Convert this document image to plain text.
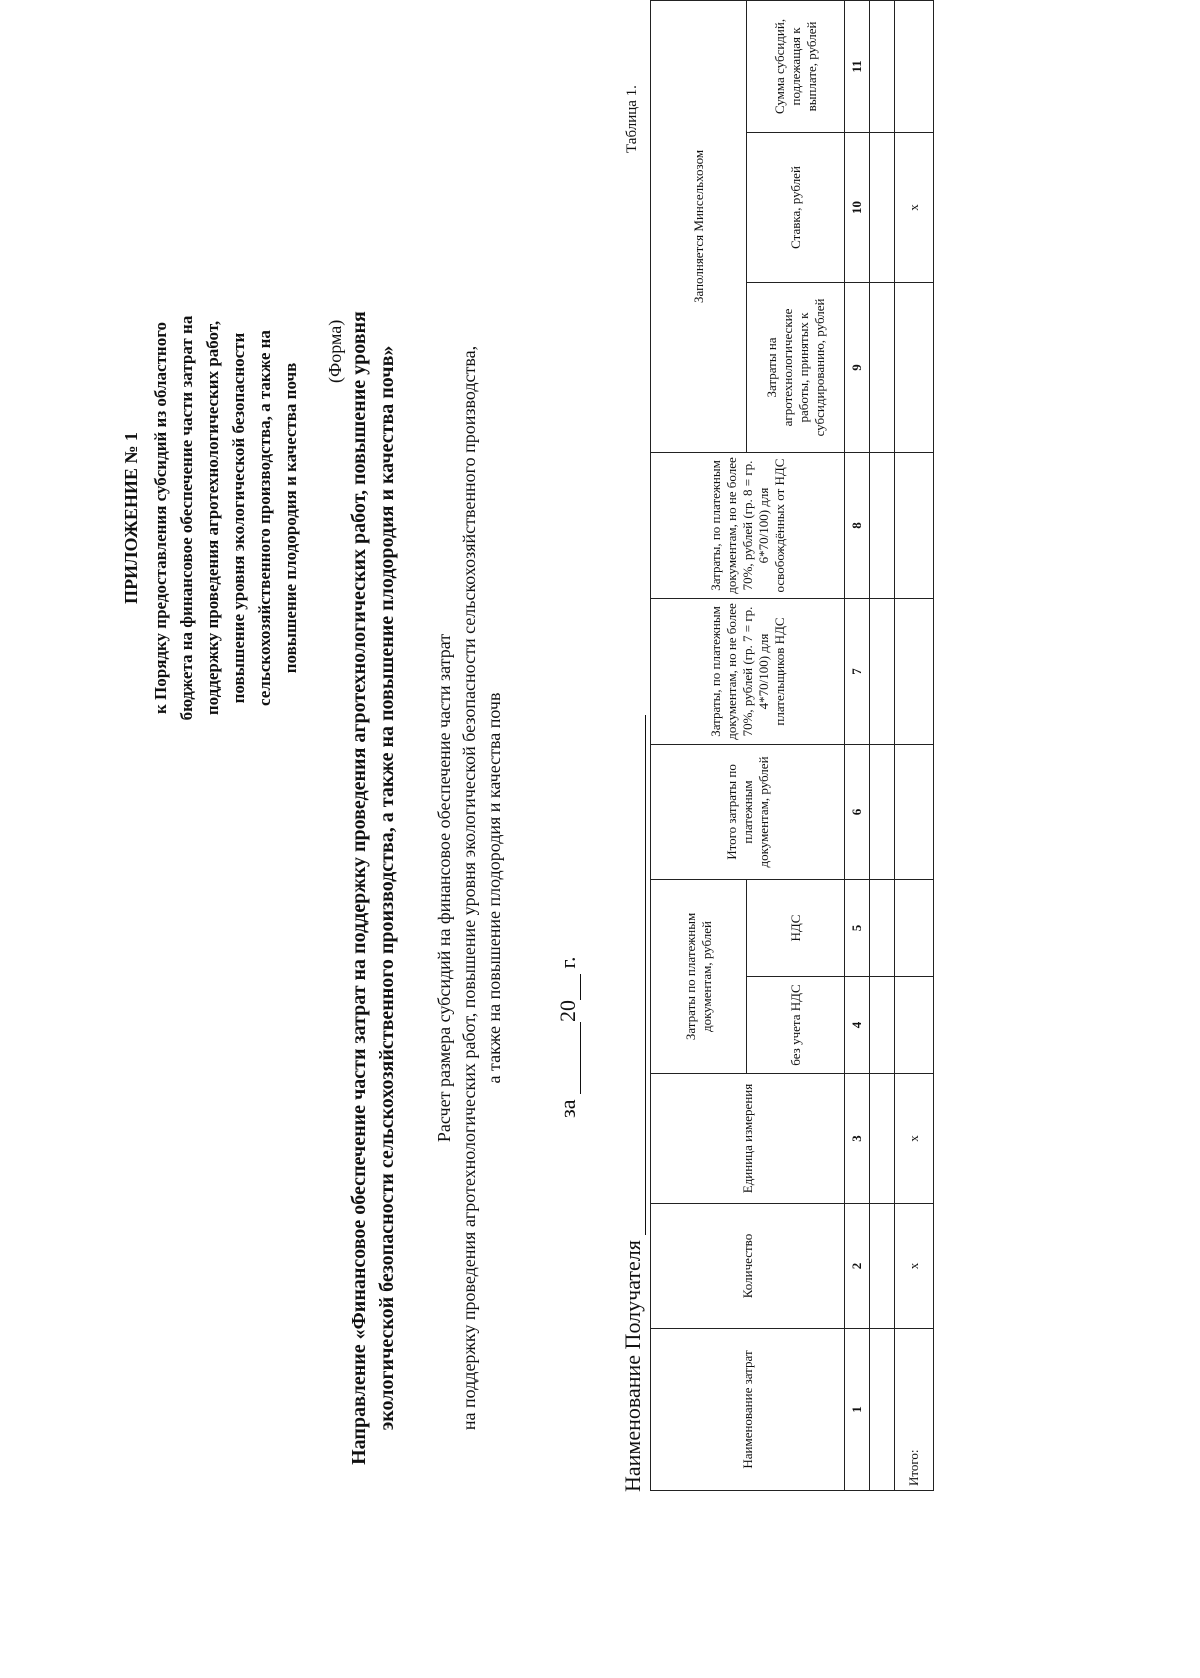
ПРИЛОЖЕНИЕ № 1 к Порядку предоставления субсидий из областного бюджета на финансовое обеспечение части затрат на поддержку проведения агротехнологических работ, повышение уровня экологической безопасности сельскохозяйственного производства, а также на повышение плодородия и качества почв
(Форма) Направление «Финансовое обеспечение части затрат на поддержку проведения агротехнологических работ, повышение уровня экологической безопасности сельскохозяйственного производства, а также на повышение плодородия и качества почв» Расчет размера субсидий на финансовое обеспечение части затрат на поддержку проведения агротехнологических работ, повышение уровня экологической безопасности сельскохозяйственного производства, а также на повышение плодородия и качества почв
за 20 г.
Наименование Получателя
Таблица 1.
Наименование затрат	Количество	Единица измерения	Затраты по платежным документам, рублей		Итого затраты по платежным документам, рублей	Затраты, по платежным документам, но не более 70%, рублей (гр. 7 = гр. 4*70/100) для плательщиков НДС	Затраты, по платежным документам, но не более 70%, рублей (гр. 8 = гр. 6*70/100) для освобождённых от НДС	Заполняется Минсельхозом		
			без учета НДС	НДС				Затраты на агротехнологические работы, принятых к субсидированию, рублей	Ставка, рублей	Сумма субсидий, подлежащая к выплате, рублей
1	2	3	4	5	6	7	8	9	10	11

Итого:	x	x							x	
